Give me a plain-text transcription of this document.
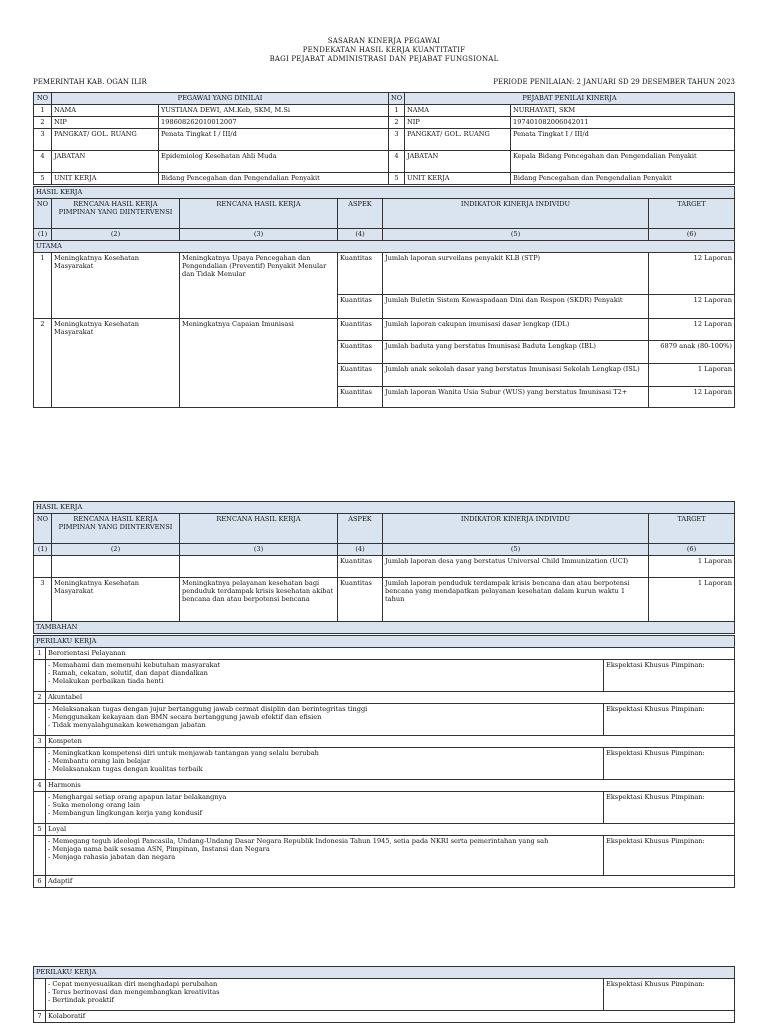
SASARAN KINERJA PEGAWAI
PENDEKATAN HASIL KERJA KUANTITATIF
BAGI PEJABAT ADMINISTRASI DAN PEJABAT FUNGSIONAL
PEMERINTAH KAB. OGAN ILIR	PERIODE PENILAIAN: 2 JANUARI SD 29 DESEMBER TAHUN 2023
NO	PEGAWAI YANG DINILAI		NO	PEJABAT PENILAI KINERJA	
1	NAMA	YUSTIANA DEWI, AM.Keb, SKM, M.Si	1	NAMA	NURHAYATI, SKM
2	NIP	198608262010012007	2	NIP	197401082006042011
3	PANGKAT/ GOL. RUANG	Penata Tingkat I / III/d	3	PANGKAT/ GOL. RUANG	Penata Tingkat I / III/d
4	JABATAN	Epidemiolog Kesehatan Ahli Muda	4	JABATAN	Kepala Bidang Pencegahan dan Pengendalian Penyakit
5	UNIT KERJA	Bidang Pencegahan dan Pengendalian Penyakit	5	UNIT KERJA	Bidang Pencegahan dan Pengendalian Penyakit
HASIL KERJA					
NO	RENCANA HASIL KERJA PIMPINAN YANG DIINTERVENSI	RENCANA HASIL KERJA	ASPEK	INDIKATOR KINERJA INDIVIDU	TARGET
(1)	(2)	(3)	(4)	(5)	(6)
UTAMA					
1	Meningkatnya Kesehatan Masyarakat	Meningkatnya Upaya Pencegahan dan Pengendalian (Preventif) Penyakit Menular dan Tidak Menular	Kuantitas	Jumlah laporan surveilans penyakit KLB (STP)	12 Laporan
			Kuantitas	Jumlah Buletin Sistem Kewaspadaan Dini dan Respon (SKDR) Penyakit	12 Laporan
2	Meningkatnya Kesehatan Masyarakat	Meningkatnya Capaian Imunisasi	Kuantitas	Jumlah laporan cakupan imunisasi dasar lengkap (IDL)	12 Laporan
			Kuantitas	Jumlah baduta yang berstatus Imunisasi Baduta Lengkap (IBL)	6879 anak (80-100%)
			Kuantitas	Jumlah anak sekolah dasar yang berstatus Imunisasi Sekolah Lengkap (ISL)	1 Laporan
			Kuantitas	Jumlah laporan Wanita Usia Subur (WUS) yang berstatus Imunisasi T2+	12 Laporan
HASIL KERJA					
NO	RENCANA HASIL KERJA PIMPINAN YANG DIINTERVENSI	RENCANA HASIL KERJA	ASPEK	INDIKATOR KINERJA INDIVIDU	TARGET
(1)	(2)	(3)	(4)	(5)	(6)
			Kuantitas	Jumlah laporan desa yang berstatus Universal Child Immunization (UCI)	1 Laporan
3	Meningkatnya Kesehatan Masyarakat	Meningkatnya pelayanan kesehatan bagi penduduk terdampak krisis kesehatan akibat bencana dan atau berpotensi bencana	Kuantitas	Jumlah laporan penduduk terdampak krisis bencana dan atau berpotensi bencana yang mendapatkan pelayanan kesehatan dalam kurun waktu 1 tahun	1 Laporan
TAMBAHAN					
PERILAKU KERJA		
1	Berorientasi Pelayanan	

	- Memahami dan memenuhi kebutuhan masyarakat
- Ramah, cekatan, solutif, dan dapat diandalkan
- Melakukan perbaikan tiada henti	Ekspektasi Khusus Pimpinan:
2	Akuntabel	

	- Melaksanakan tugas dengan jujur bertanggung jawab cermat disiplin dan berintegritas tinggi
- Menggunakan kekayaan dan BMN secara bertanggung jawab efektif dan efisien
- Tidak menyalahgunakan kewenangan jabatan	Ekspektasi Khusus Pimpinan:
3	Kompeten	

	- Meningkatkan kompetensi diri untuk menjawab tantangan yang selalu berubah
- Membantu orang lain belajar
- Melaksanakan tugas dengan kualitas terbaik	Ekspektasi Khusus Pimpinan:
4	Harmonis	

	- Menghargai setiap orang apapun latar belakangnya
- Suka menolong orang lain
- Membangun lingkungan kerja yang kondusif	Ekspektasi Khusus Pimpinan:
5	Loyal	

	- Memegang teguh ideologi Pancasila, Undang-Undang Dasar Negara Republik Indonesia Tahun 1945, setia pada NKRI serta pemerintahan yang sah
- Menjaga nama baik sesama ASN, Pimpinan, Instansi dan Negara
- Menjaga rahasia jabatan dan negara	Ekspektasi Khusus Pimpinan:
6	Adaptif	
PERILAKU KERJA		

	- Cepat menyesuaikan diri menghadapi perubahan
- Terus berinovasi dan mengembangkan kreativitas
- Bertindak proaktif	Ekspektasi Khusus Pimpinan:
7	Kolaboratif	
